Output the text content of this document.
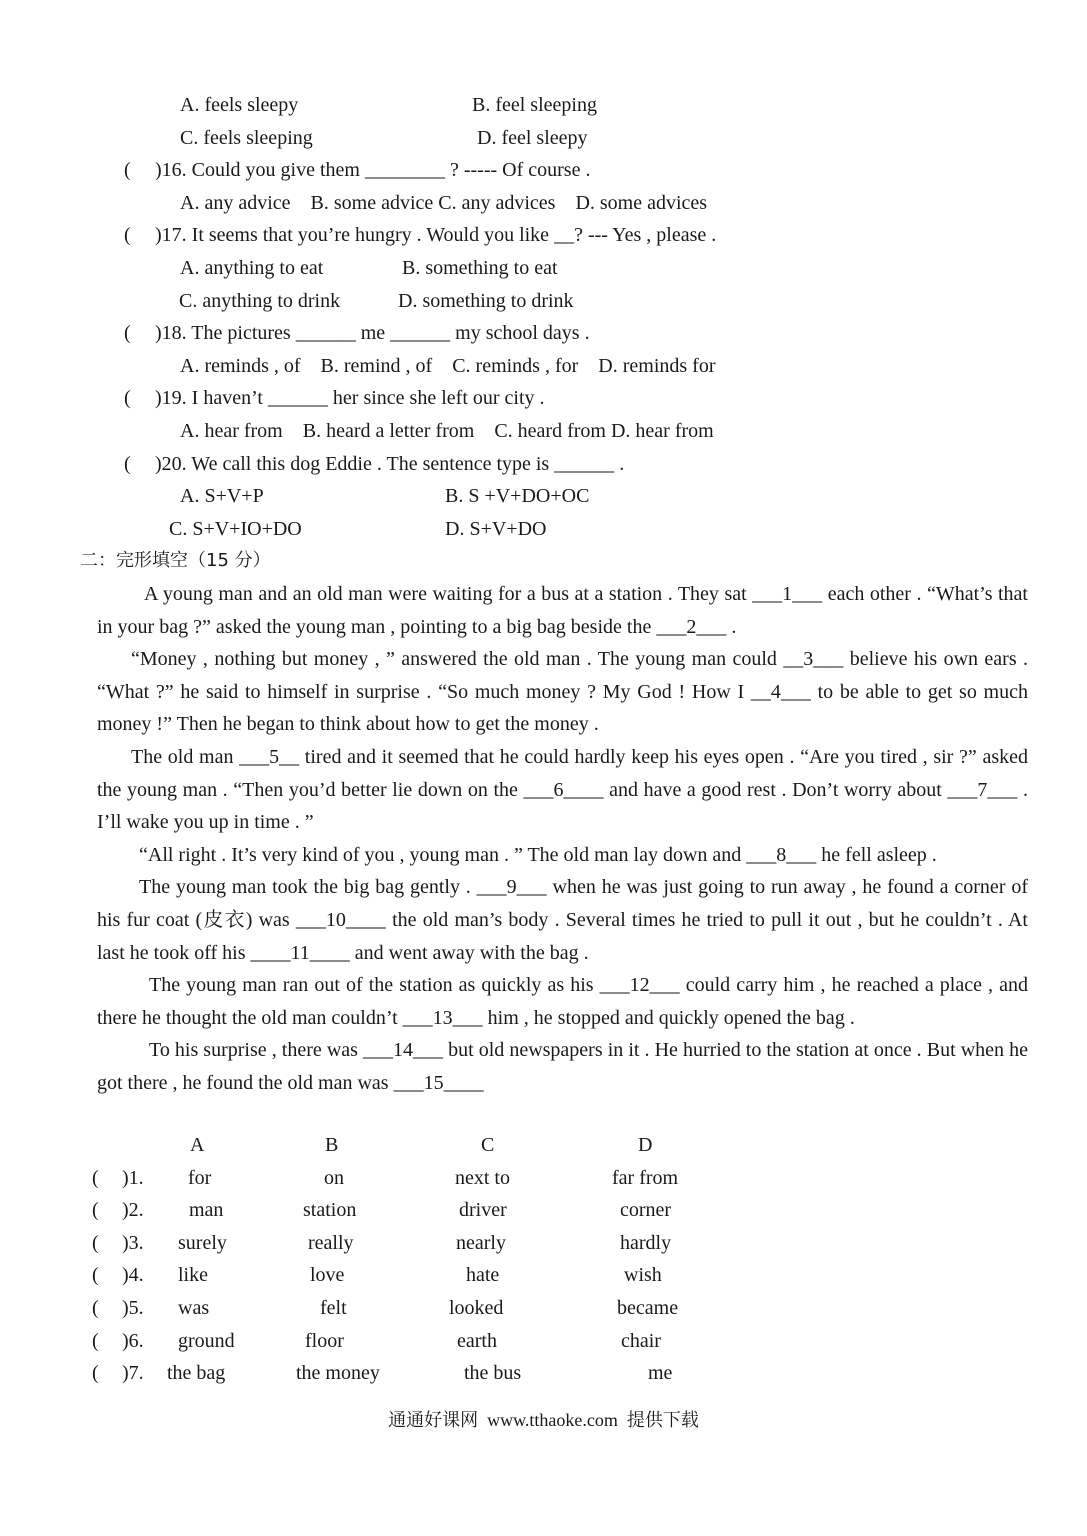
A. feels sleepy	B. feel sleeping
C. feels sleeping	D. feel sleepy
( )16. Could you give them ________ ? ----- Of course .
A. any advice    B. some advice C. any advices    D. some advices
( )17. It seems that you’re hungry . Would you like __? --- Yes , please .
A. anything to eat	B. something to eat
C. anything to drink	D. something to drink
( )18. The pictures ______ me ______ my school days .
A. reminds , of    B. remind , of    C. reminds , for    D. reminds for
( )19. I haven’t ______ her since she left our city .
A. hear from    B. heard a letter from    C. heard from D. hear from
( )20. We call this dog Eddie . The sentence type is ______ .
A. S+V+P	B. S +V+DO+OC
C. S+V+IO+DO	D. S+V+DO
二：完形填空（15 分）

A young man and an old man were waiting for a bus at a station . They sat ___1___ each other . “What’s that in your bag ?” asked the young man , pointing to a big bag beside the ___2___ .

“Money , nothing but money , ” answered the old man . The young man could __3___ believe his own ears . “What ?” he said to himself in surprise . “So much money ? My God ! How I __4___ to be able to get so much money !” Then he began to think about how to get the money .

The old man ___5__ tired and it seemed that he could hardly keep his eyes open . “Are you tired , sir ?” asked the young man . “Then you’d better lie down on the ___6____ and have a good rest . Don’t worry about ___7___ . I’ll wake you up in time . ”

“All right . It’s very kind of you , young man . ” The old man lay down and ___8___ he fell asleep .

The young man took the big bag gently . ___9___ when he was just going to run away , he found a corner of his fur coat (皮衣) was ___10____ the old man’s body . Several times he tried to pull it out , but he couldn’t . At last he took off his ____11____ and went away with the bag .

The young man ran out of the station as quickly as his ___12___ could carry him , he reached a place , and there he thought the old man couldn’t ___13___ him , he stopped and quickly opened the bag .

To his surprise , there was ___14___ but old newspapers in it . He hurried to the station at once . But when he got there , he found the old man was ___15____

A	B	C	D
( )1. for	on	next to	far from
( )2. man	station	driver	corner
( )3. surely	really	nearly	hardly
( )4. like	love	hate	wish
( )5. was	felt	looked	became
( )6. ground	floor	earth	chair
( )7. the bag	the money	the bus	me
通通好课网  www.tthaoke.com  提供下载
